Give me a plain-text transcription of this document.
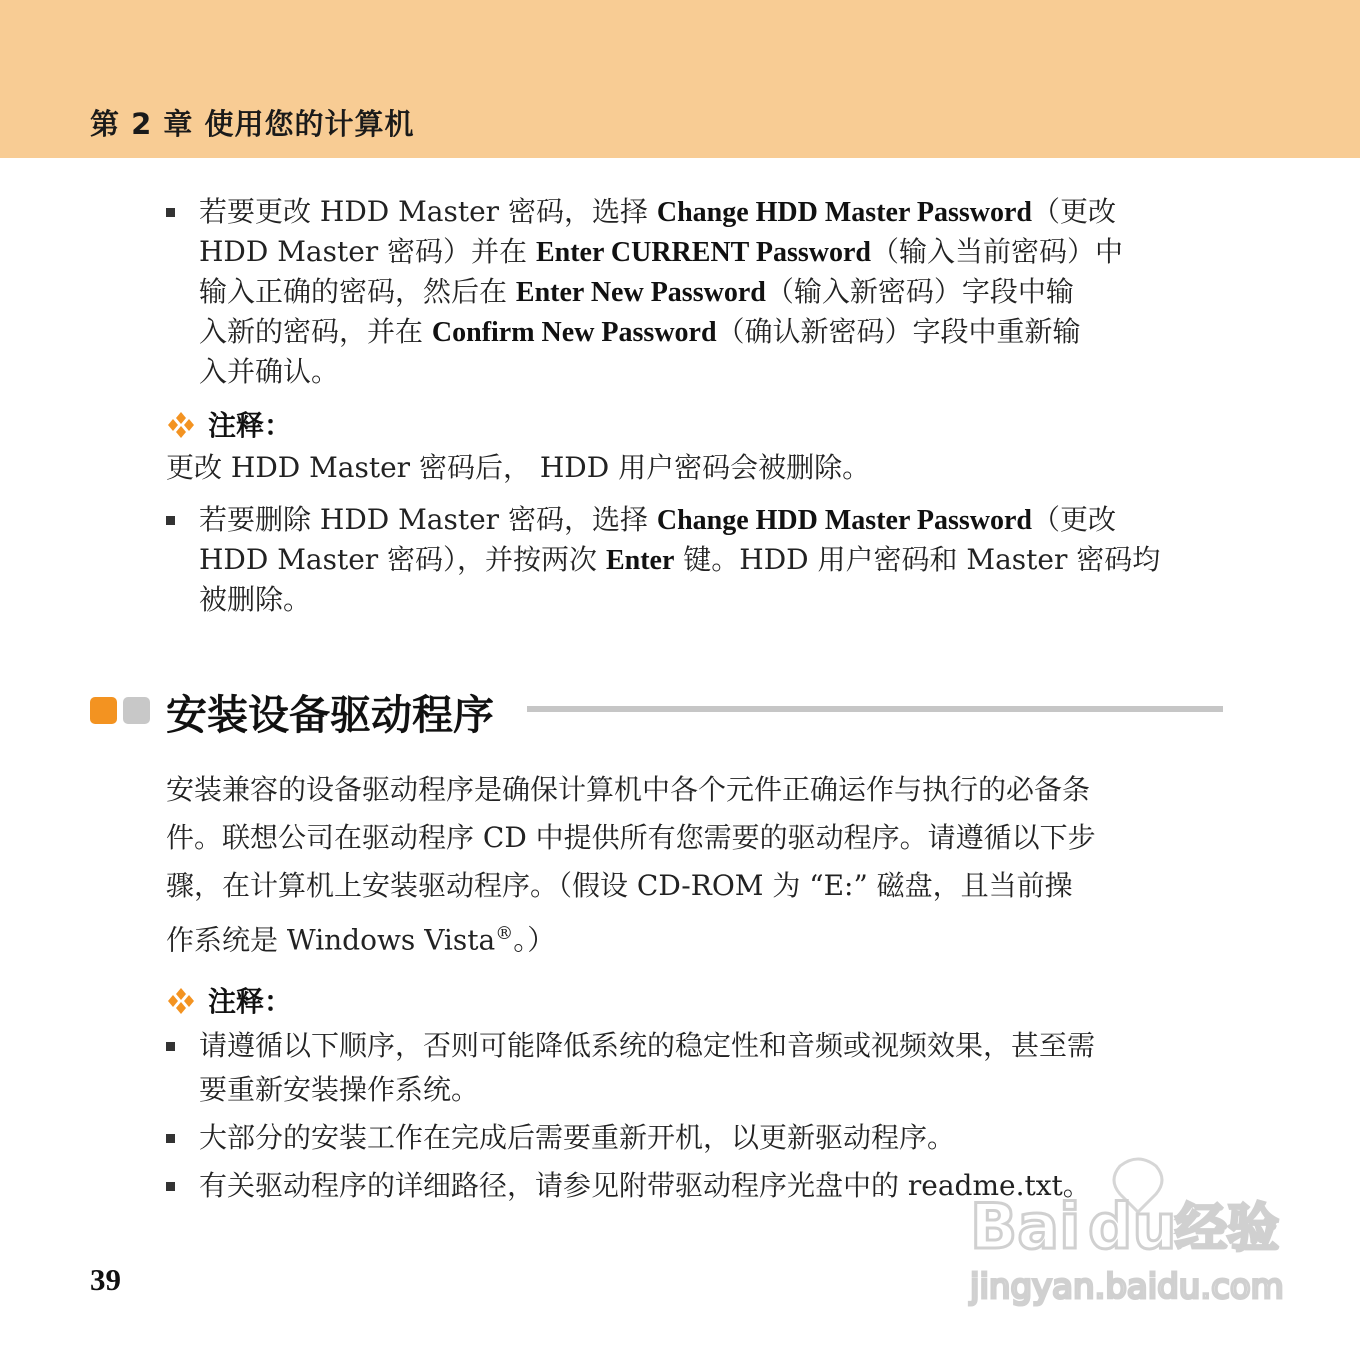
第 2 章 使用您的计算机
若要更改 HDD Master 密码，选择 Change HDD Master Password（更改
HDD Master 密码）并在 Enter CURRENT Password（输入当前密码）中
输入正确的密码，然后在 Enter New Password（输入新密码）字段中输
入新的密码，并在 Confirm New Password（确认新密码）字段中重新输
入并确认。
注释：
更改 HDD Master 密码后， HDD 用户密码会被删除。
若要删除 HDD Master 密码，选择 Change HDD Master Password（更改
HDD Master 密码），并按两次 Enter 键。HDD 用户密码和 Master 密码均
被删除。
安装设备驱动程序
安装兼容的设备驱动程序是确保计算机中各个元件正确运作与执行的必备条
件。联想公司在驱动程序 CD 中提供所有您需要的驱动程序。请遵循以下步
骤，在计算机上安装驱动程序。（假设 CD-ROM 为 “E:” 磁盘，且当前操
作系统是 Windows Vista®。）
注释：
请遵循以下顺序，否则可能降低系统的稳定性和音频或视频效果，甚至需
要重新安装操作系统。
大部分的安装工作在完成后需要重新开机，以更新驱动程序。
有关驱动程序的详细路径，请参见附带驱动程序光盘中的 readme.txt。
39
Bai du
经验
jingyan.baidu.com
